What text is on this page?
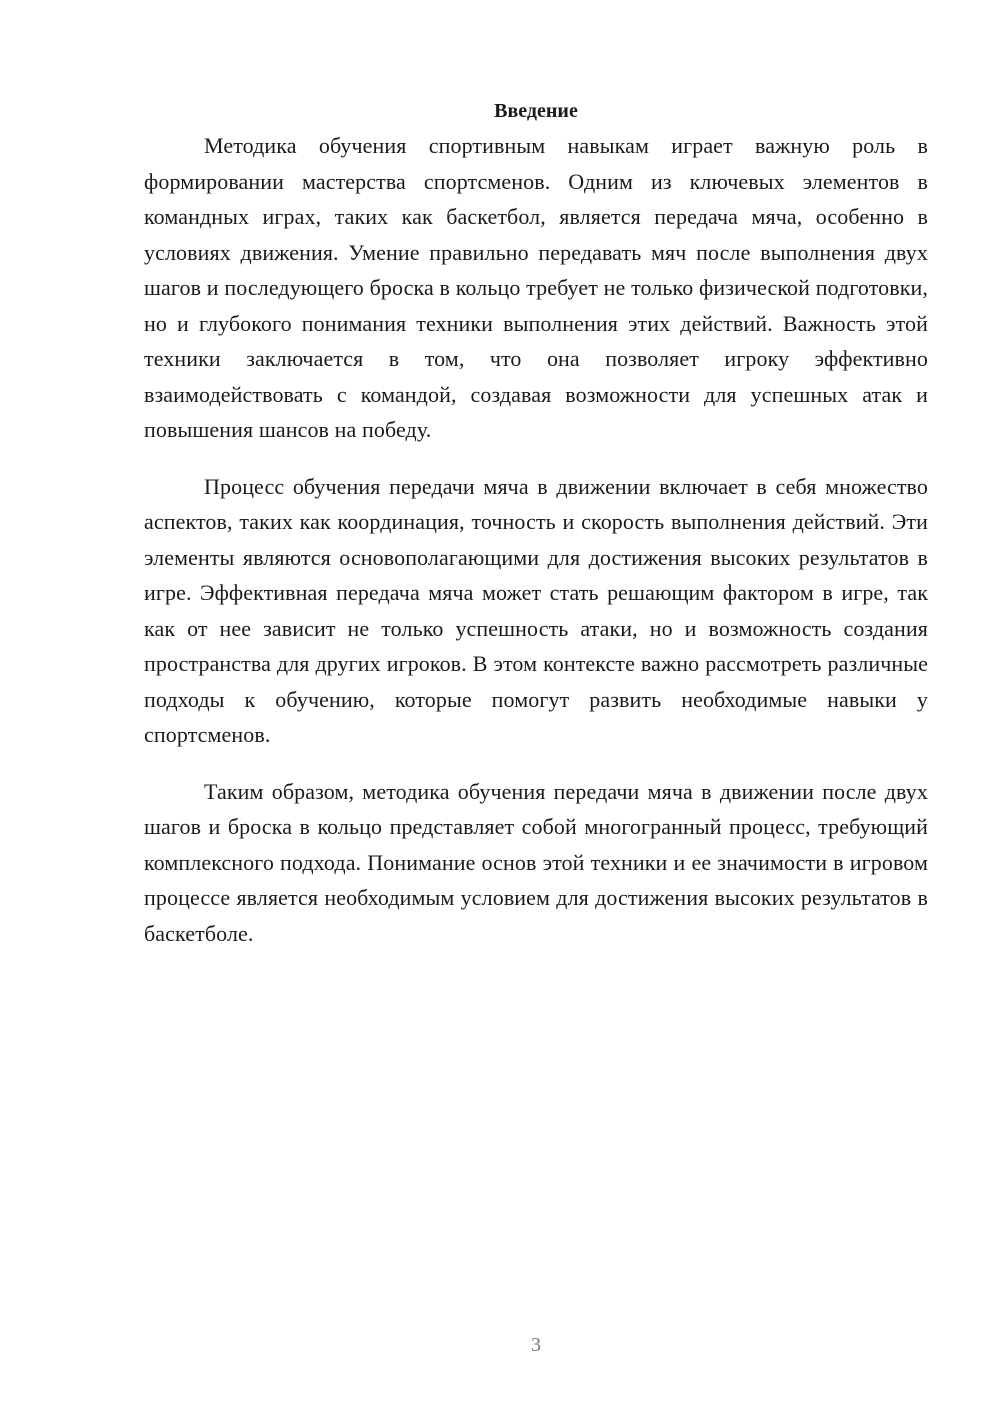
Введение

Методика обучения спортивным навыкам играет важную роль в формировании мастерства спортсменов. Одним из ключевых элементов в командных играх, таких как баскетбол, является передача мяча, особенно в условиях движения. Умение правильно передавать мяч после выполнения двух шагов и последующего броска в кольцо требует не только физической подготовки, но и глубокого понимания техники выполнения этих действий. Важность этой техники заключается в том, что она позволяет игроку эффективно взаимодействовать с командой, создавая возможности для успешных атак и повышения шансов на победу.

Процесс обучения передачи мяча в движении включает в себя множество аспектов, таких как координация, точность и скорость выполнения действий. Эти элементы являются основополагающими для достижения высоких результатов в игре. Эффективная передача мяча может стать решающим фактором в игре, так как от нее зависит не только успешность атаки, но и возможность создания пространства для других игроков. В этом контексте важно рассмотреть различные подходы к обучению, которые помогут развить необходимые навыки у спортсменов.

Таким образом, методика обучения передачи мяча в движении после двух шагов и броска в кольцо представляет собой многогранный процесс, требующий комплексного подхода. Понимание основ этой техники и ее значимости в игровом процессе является необходимым условием для достижения высоких результатов в баскетболе.

3
